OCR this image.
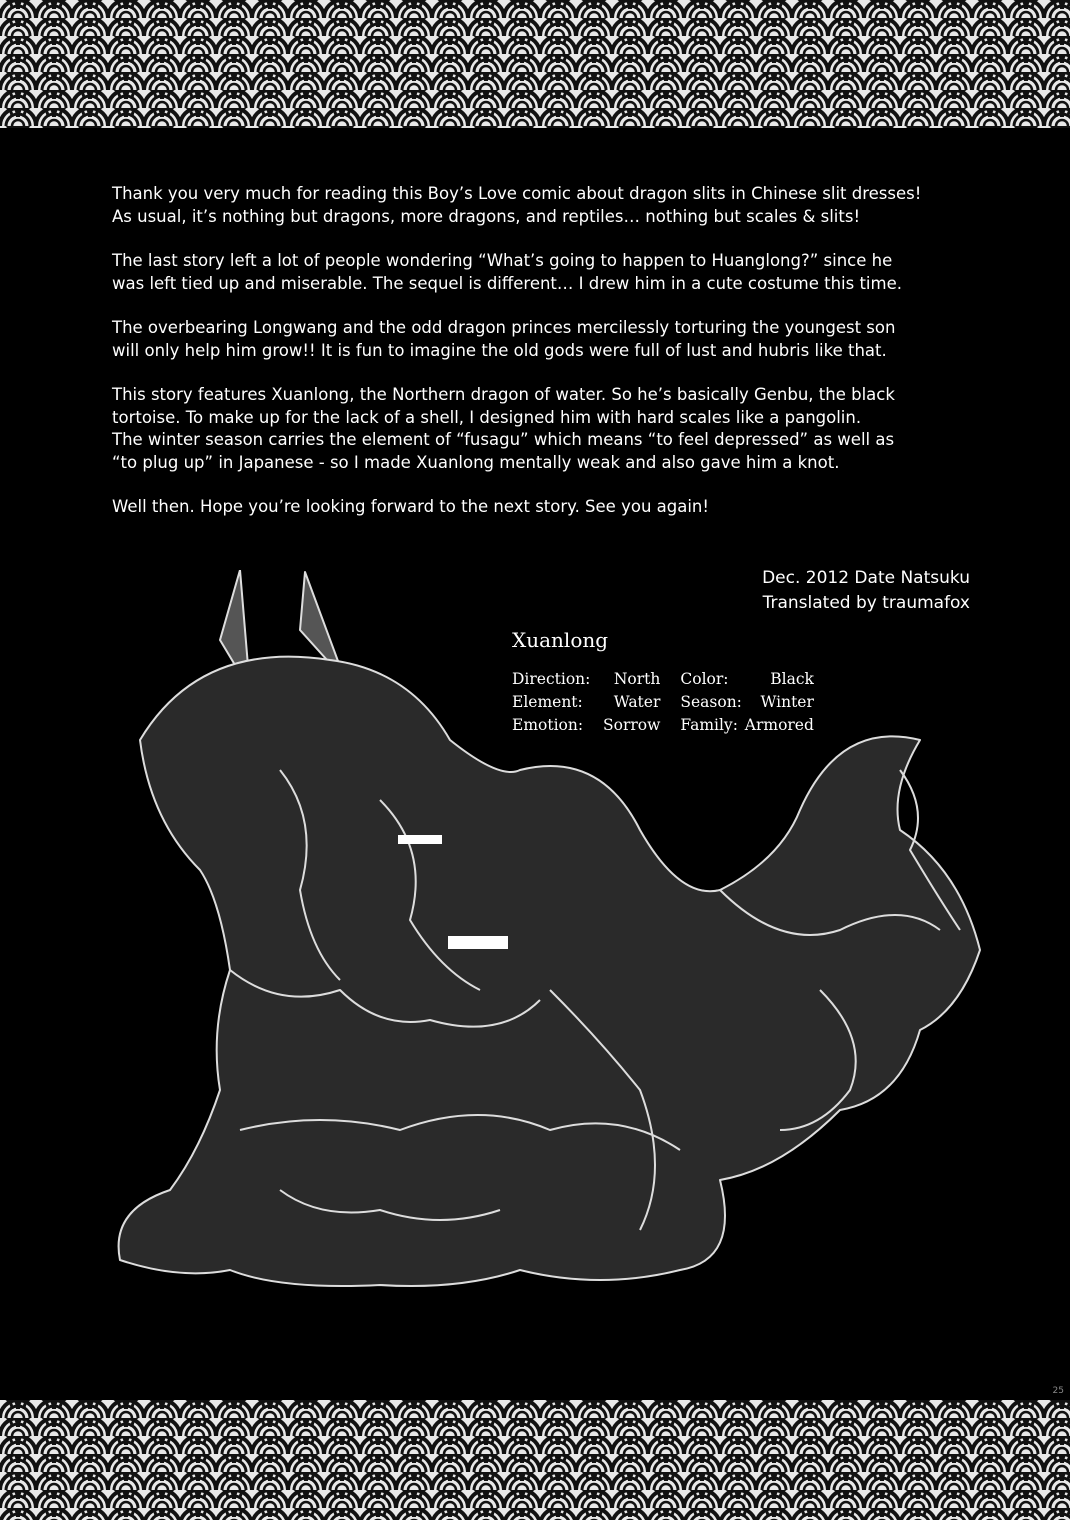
Thank you very much for reading this Boy’s Love comic about dragon slits in Chinese slit dresses!
As usual, it’s nothing but dragons, more dragons, and reptiles… nothing but scales & slits!

The last story left a lot of people wondering “What’s going to happen to Huanglong?” since he
was left tied up and miserable. The sequel is different… I drew him in a cute costume this time.

The overbearing Longwang and the odd dragon princes mercilessly torturing the youngest son
will only help him grow!! It is fun to imagine the old gods were full of lust and hubris like that.

This story features Xuanlong, the Northern dragon of water. So he’s basically Genbu, the black
tortoise. To make up for the lack of a shell, I designed him with hard scales like a pangolin.
The winter season carries the element of “fusagu” which means “to feel depressed” as well as
“to plug up” in Japanese - so I made Xuanlong mentally weak and also gave him a knot.

Well then. Hope you’re looking forward to the next story. See you again!

Dec. 2012 Date Natsuku
Translated by traumafox
Xuanlong
Direction:	North		Color:	Black
Element:	Water		Season:	Winter
Emotion:	Sorrow		Family:	Armored
25
